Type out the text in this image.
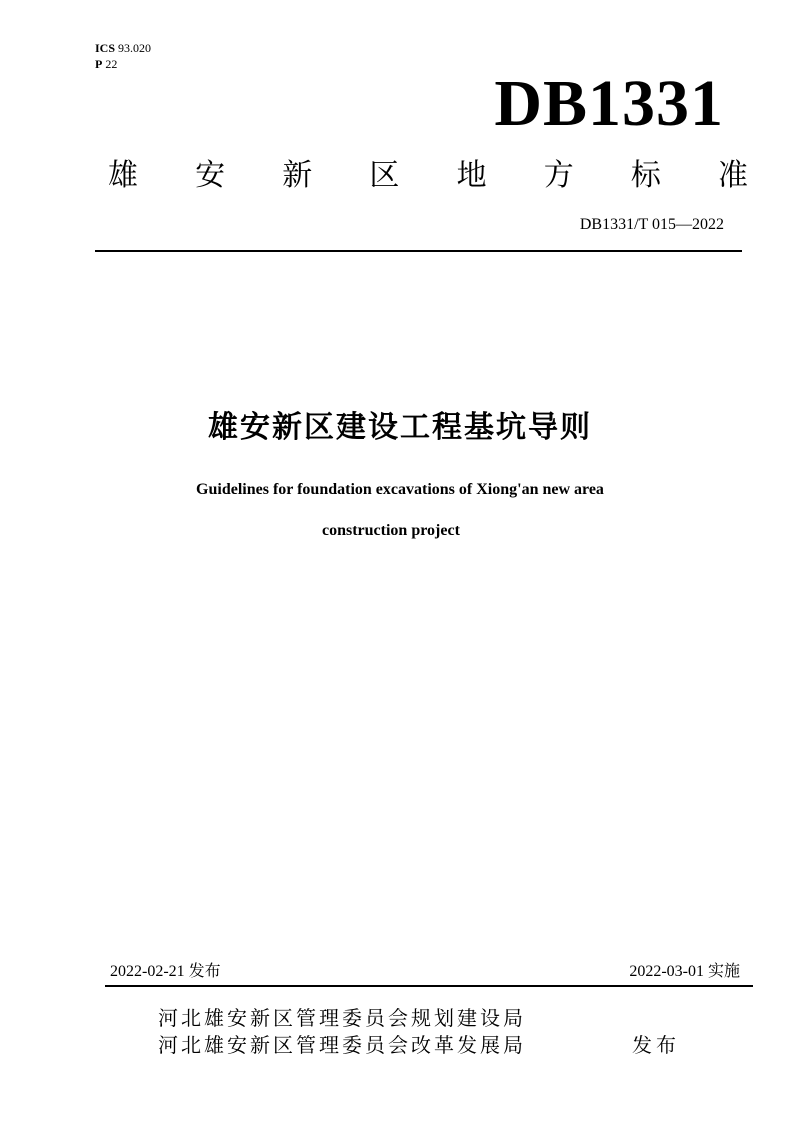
ICS 93.020
P 22
DB1331
雄 安 新 区 地 方 标 准
DB1331/T 015—2022
雄安新区建设工程基坑导则
Guidelines for foundation excavations of Xiong'an new area
construction project
2022-02-21 发布	2022-03-01 实施
河北雄安新区管理委员会规划建设局
河北雄安新区管理委员会改革发展局	发布
